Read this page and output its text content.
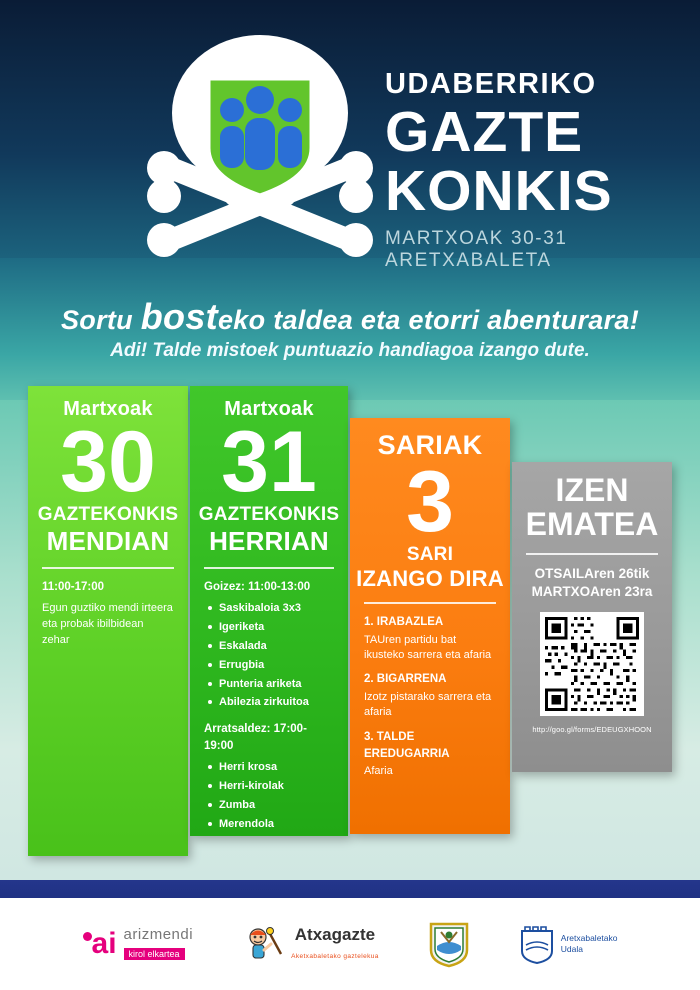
UDABERRIKO
GAZTE
KONKIS
MARTXOAK 30-31
ARETXABALETA
Sortu bosteko taldea eta etorri abenturara!
Adi! Talde mistoek puntuazio handiagoa izango dute.
Martxoak
30
GAZTEKONKIS
MENDIAN
11:00-17:00

Egun guztiko mendi irteera eta probak ibilbidean zehar

Martxoak
31
GAZTEKONKIS
HERRIAN
Goizez: 11:00-13:00
Saskibaloia 3x3
Igeriketa
Eskalada
Errugbia
Punteria ariketa
Abilezia zirkuitoa
Arratsaldez: 17:00-19:00
Herri krosa
Herri-kirolak
Zumba
Merendola
SARIAK
3
SARI
IZANGO DIRA
1. IRABAZLEA
TAUren partidu bat ikusteko sarrera eta afaria
2. BIGARRENA
Izotz pistarako sarrera eta afaria
3. TALDE EREDUGARRIA
Afaria
IZEN
EMATEA
OTSAILAren 26tik
MARTXOAren 23ra
http://goo.gl/forms/EDEUGXHOON
ai arizmendi
kirol elkartea
Atxagazte
Aketxabaletako gaztelekua
Aretxabaletako
Udala
